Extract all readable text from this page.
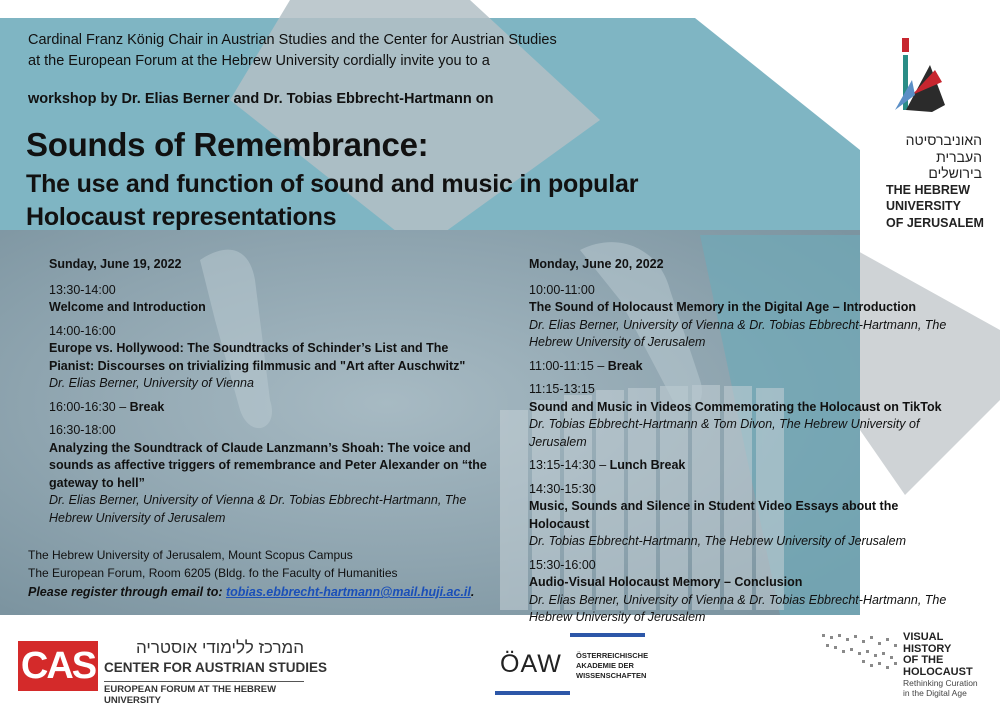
Cardinal Franz König Chair in Austrian Studies and the Center for Austrian Studies
at the European Forum at the Hebrew University cordially invite you to a
workshop by Dr. Elias Berner and Dr. Tobias Ebbrecht-Hartmann on
Sounds of Remembrance:
The use and function of sound and music in popular
Holocaust representations
Sunday, June 19, 2022
13:30-14:00
Welcome and Introduction
14:00-16:00
Europe vs. Hollywood: The Soundtracks of Schinder’s List and The Pianist: Discourses on trivializing filmmusic and "Art after Auschwitz"
Dr. Elias Berner, University of Vienna
16:00-16:30 – Break
16:30-18:00
Analyzing the Soundtrack of Claude Lanzmann’s Shoah: The voice and sounds as affective triggers of remembrance and Peter Alexander on “the gateway to hell”
Dr. Elias Berner, University of Vienna & Dr. Tobias Ebbrecht-Hartmann, The Hebrew University of Jerusalem
Monday, June 20, 2022
10:00-11:00
The Sound of Holocaust Memory in the Digital Age – Introduction
Dr. Elias Berner, University of Vienna & Dr. Tobias Ebbrecht-Hartmann, The Hebrew University of Jerusalem
11:00-11:15 – Break
11:15-13:15
Sound and Music in Videos Commemorating the Holocaust on TikTok
Dr. Tobias Ebbrecht-Hartmann & Tom Divon, The Hebrew University of Jerusalem
13:15-14:30 – Lunch Break
14:30-15:30
Music, Sounds and Silence in Student Video Essays about the Holocaust
Dr. Tobias Ebbrecht-Hartmann, The Hebrew University of Jerusalem
15:30-16:00
Audio-Visual Holocaust Memory – Conclusion
Dr. Elias Berner, University of Vienna & Dr. Tobias Ebbrecht-Hartmann, The Hebrew University of Jerusalem
The Hebrew University of Jerusalem, Mount Scopus Campus
The European Forum, Room 6205 (Bldg. fo the Faculty of Humanities
Please register through email to: tobias.ebbrecht-hartmann@mail.huji.ac.il.
האוניברסיטה
העברית
בירושלים
THE HEBREW
UNIVERSITY
OF JERUSALEM
CAS	המרכז ללימודי אוסטריה
CENTER FOR AUSTRIAN STUDIES
EUROPEAN FORUM AT THE HEBREW UNIVERSITY
ÖAW ÖSTERREICHISCHE
AKADEMIE DER
WISSENSCHAFTEN
VISUAL
HISTORY
OF THE
HOLOCAUST
Rethinking Curation
in the Digital Age
